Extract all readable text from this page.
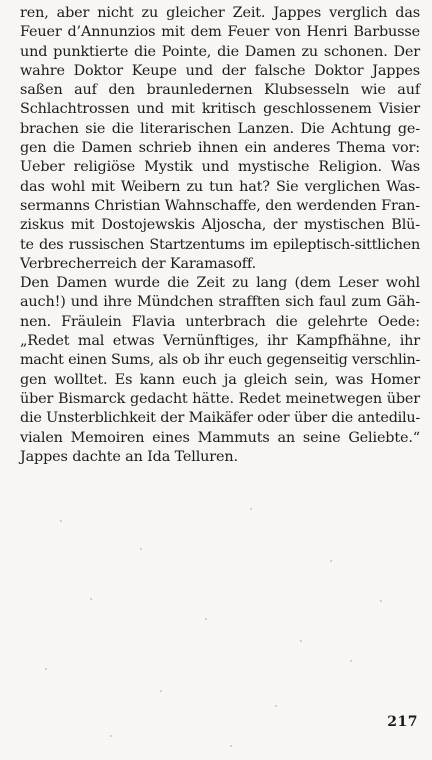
ren, aber nicht zu gleicher Zeit. Jappes verglich das
Feuer d’Annunzios mit dem Feuer von Henri Barbusse
und punktierte die Pointe, die Damen zu schonen. Der
wahre Doktor Keupe und der falsche Doktor Jappes
saßen auf den braunledernen Klubsesseln wie auf
Schlachtrossen und mit kritisch geschlossenem Visier
brachen sie die literarischen Lanzen. Die Achtung ge-
gen die Damen schrieb ihnen ein anderes Thema vor:
Ueber religiöse Mystik und mystische Religion. Was
das wohl mit Weibern zu tun hat? Sie verglichen Was-
sermanns Christian Wahnschaffe, den werdenden Fran-
ziskus mit Dostojewskis Aljoscha, der mystischen Blü-
te des russischen Startzentums im epileptisch-sittlichen
Verbrecherreich der Karamasoff.
Den Damen wurde die Zeit zu lang (dem Leser wohl
auch!) und ihre Mündchen strafften sich faul zum Gäh-
nen. Fräulein Flavia unterbrach die gelehrte Oede:
„Redet mal etwas Vernünftiges, ihr Kampfhähne, ihr
macht einen Sums, als ob ihr euch gegenseitig verschlin-
gen wolltet. Es kann euch ja gleich sein, was Homer
über Bismarck gedacht hätte. Redet meinetwegen über
die Unsterblichkeit der Maikäfer oder über die antedilu-
vialen Memoiren eines Mammuts an seine Geliebte.“
Jappes dachte an Ida Telluren.
217
